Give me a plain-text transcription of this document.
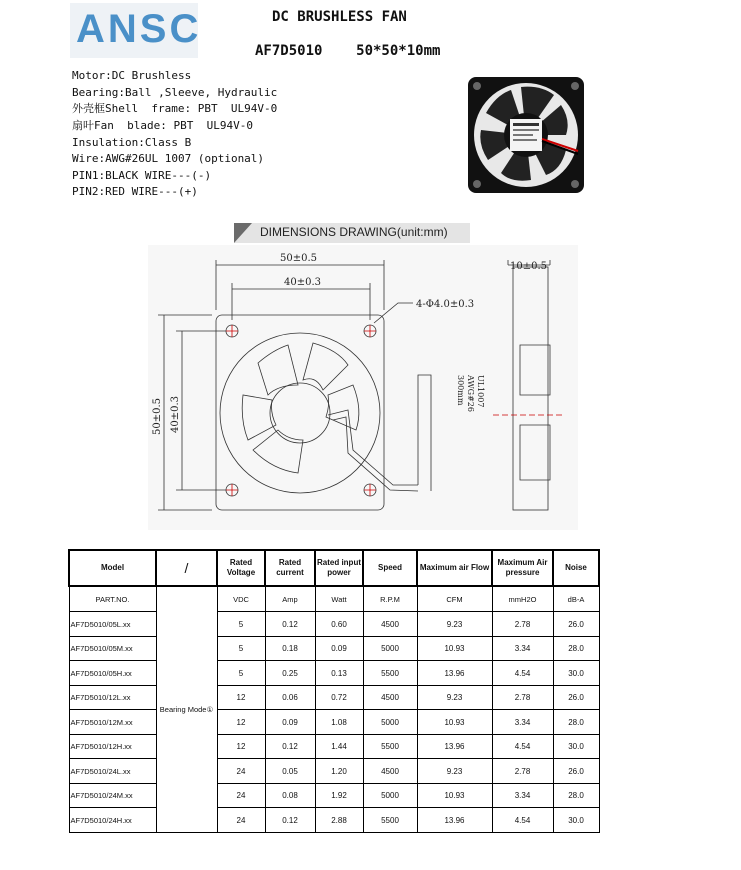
ANSC	DC BRUSHLESS FAN
AF7D5010    50*50*10mm
Motor:DC Brushless
Bearing:Ball ,Sleeve, Hydraulic
外壳框Shell  frame: PBT  UL94V-0
扇叶Fan  blade: PBT  UL94V-0
Insulation:Class B
Wire:AWG#26UL 1007 (optional)
PIN1:BLACK WIRE---(-)
PIN2:RED WIRE---(+)
DIMENSIONS DRAWING(unit:mm)
50±0.5
40±0.3
4-Φ4.0±0.3
10±0.5
50±0.5 40±0.3
UL1007
AWG#26
300mm
Model	/	Rated Voltage	Rated current	Rated input power	Speed	Maximum air Flow	Maximum Air pressure	Noise
PART.NO.	Bearing Mode①	VDC	Amp	Watt	R.P.M	CFM	mmH2O	dB-A
AF7D5010/05L.xx		5	0.12	0.60	4500	9.23	2.78	26.0
AF7D5010/05M.xx		5	0.18	0.09	5000	10.93	3.34	28.0
AF7D5010/05H.xx		5	0.25	0.13	5500	13.96	4.54	30.0
AF7D5010/12L.xx		12	0.06	0.72	4500	9.23	2.78	26.0
AF7D5010/12M.xx		12	0.09	1.08	5000	10.93	3.34	28.0
AF7D5010/12H.xx		12	0.12	1.44	5500	13.96	4.54	30.0
AF7D5010/24L.xx		24	0.05	1.20	4500	9.23	2.78	26.0
AF7D5010/24M.xx		24	0.08	1.92	5000	10.93	3.34	28.0
AF7D5010/24H.xx		24	0.12	2.88	5500	13.96	4.54	30.0
